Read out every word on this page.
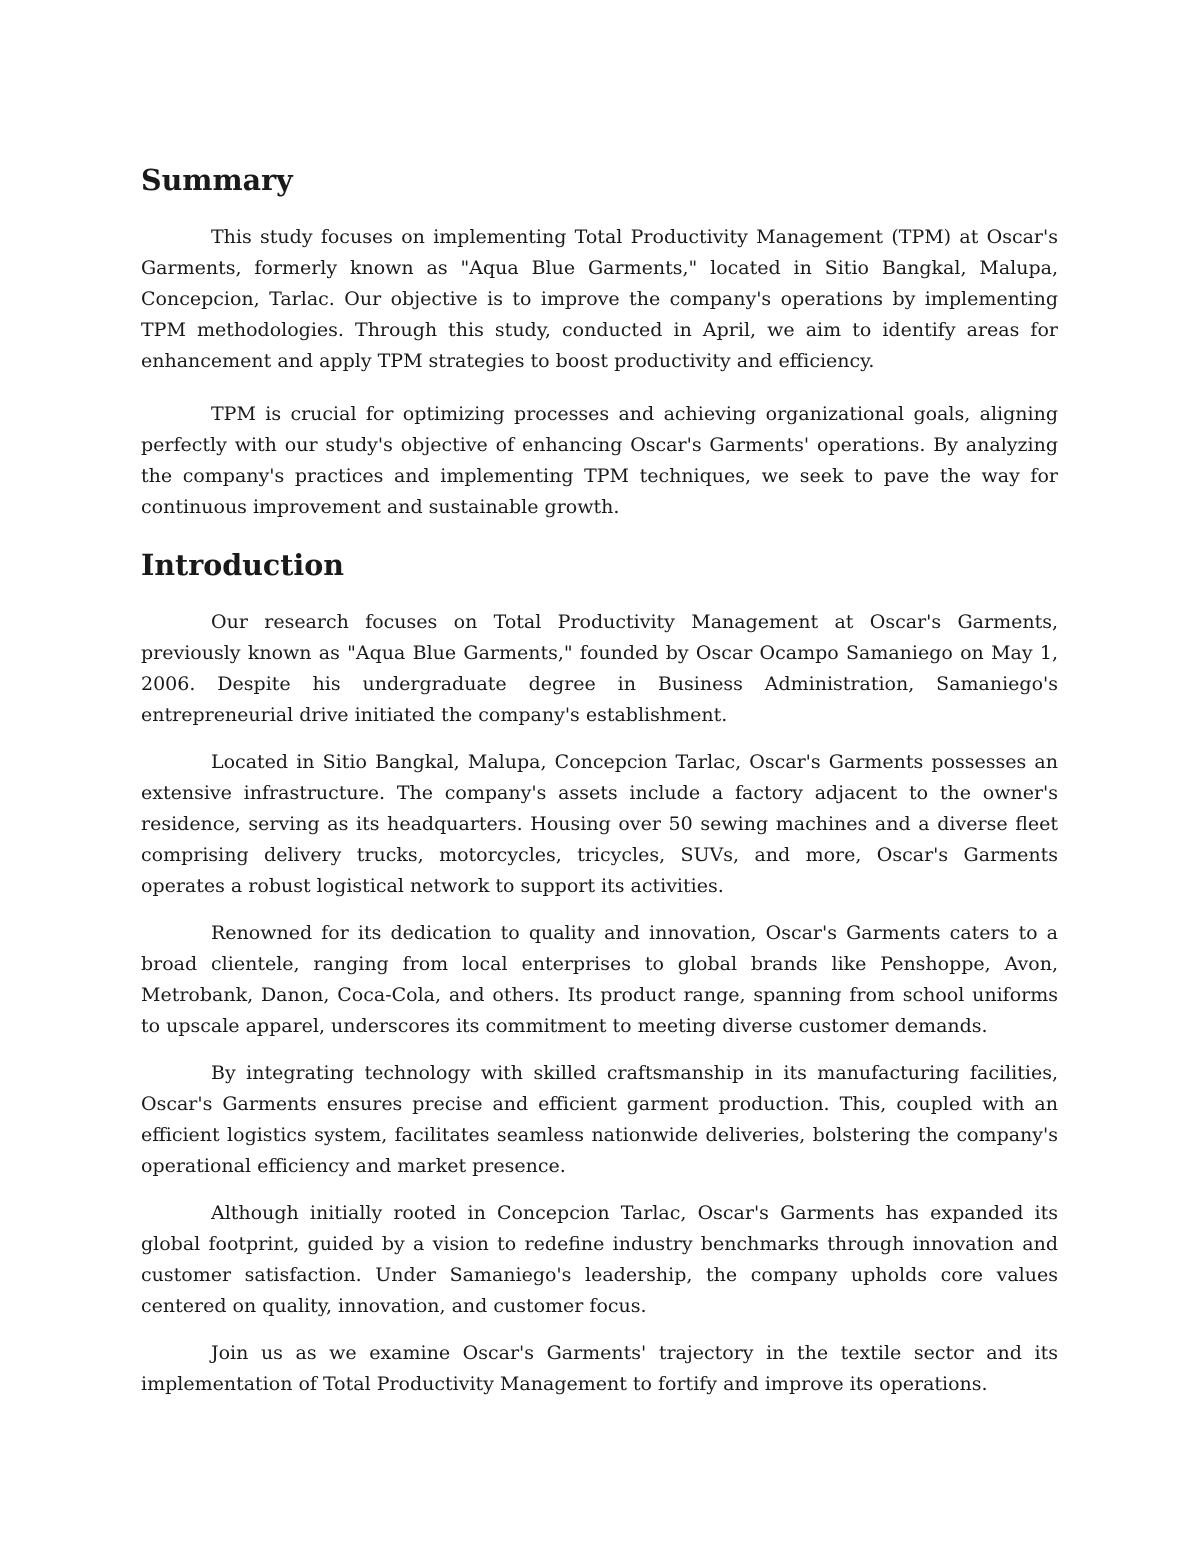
Summary

This study focuses on implementing Total Productivity Management (TPM) at Oscar's Garments, formerly known as "Aqua Blue Garments," located in Sitio Bangkal, Malupa, Concepcion, Tarlac. Our objective is to improve the company's operations by implementing TPM methodologies. Through this study, conducted in April, we aim to identify areas for enhancement and apply TPM strategies to boost productivity and efficiency.

TPM is crucial for optimizing processes and achieving organizational goals, aligning perfectly with our study's objective of enhancing Oscar's Garments' operations. By analyzing the company's practices and implementing TPM techniques, we seek to pave the way for continuous improvement and sustainable growth.

Introduction

Our research focuses on Total Productivity Management at Oscar's Garments, previously known as "Aqua Blue Garments," founded by Oscar Ocampo Samaniego on May 1, 2006. Despite his undergraduate degree in Business Administration, Samaniego's entrepreneurial drive initiated the company's establishment.

Located in Sitio Bangkal, Malupa, Concepcion Tarlac, Oscar's Garments possesses an extensive infrastructure. The company's assets include a factory adjacent to the owner's residence, serving as its headquarters. Housing over 50 sewing machines and a diverse fleet comprising delivery trucks, motorcycles, tricycles, SUVs, and more, Oscar's Garments operates a robust logistical network to support its activities.

Renowned for its dedication to quality and innovation, Oscar's Garments caters to a broad clientele, ranging from local enterprises to global brands like Penshoppe, Avon, Metrobank, Danon, Coca-Cola, and others. Its product range, spanning from school uniforms to upscale apparel, underscores its commitment to meeting diverse customer demands.

By integrating technology with skilled craftsmanship in its manufacturing facilities, Oscar's Garments ensures precise and efficient garment production. This, coupled with an efficient logistics system, facilitates seamless nationwide deliveries, bolstering the company's operational efficiency and market presence.

Although initially rooted in Concepcion Tarlac, Oscar's Garments has expanded its global footprint, guided by a vision to redefine industry benchmarks through innovation and customer satisfaction. Under Samaniego's leadership, the company upholds core values centered on quality, innovation, and customer focus.

Join us as we examine Oscar's Garments' trajectory in the textile sector and its implementation of Total Productivity Management to fortify and improve its operations.
